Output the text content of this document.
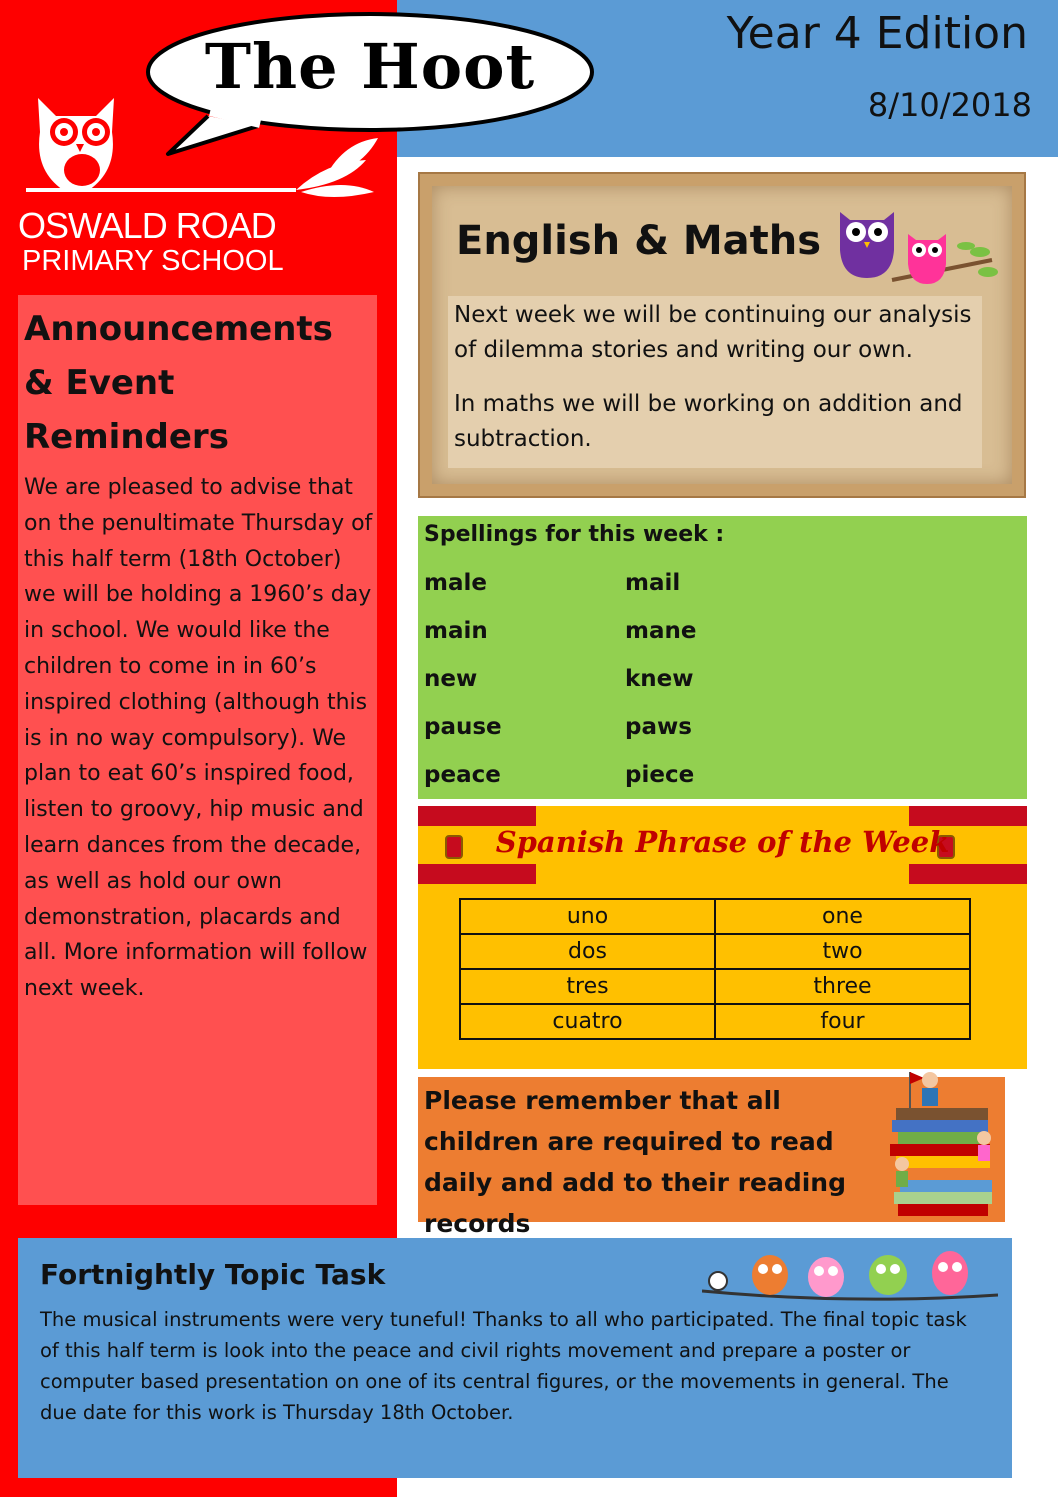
Year 4 Edition
8/10/2018
The Hoot
OSWALD ROAD
PRIMARY SCHOOL
Announcements & Event Reminders
We are pleased to advise that on the penultimate Thursday of this half term (18th October) we will be holding a 1960’s day in school. We would like the children to come in in 60’s inspired clothing (although this is in no way compulsory). We plan to eat 60’s inspired food, listen to groovy, hip music and learn dances from the decade, as well as hold our own demonstration, placards and all. More information will follow next week.
English & Maths
Next week we will be continuing our analysis of dilemma stories and writing our own.
In maths we will be working on addition and subtraction.
Spellings for this week :
male	mail
main	mane
new	knew
pause	paws
peace	piece
Spanish Phrase of the Week
uno	one
dos	two
tres	three
cuatro	four
Please remember that all children are required to read daily and add to their reading records
Fortnightly Topic Task
The musical instruments were very tuneful! Thanks to all who participated. The final topic task of this half term is look into the peace and civil rights movement and prepare a poster or computer based presentation on one of its central figures, or the movements in general. The due date for this work is Thursday 18th October.
